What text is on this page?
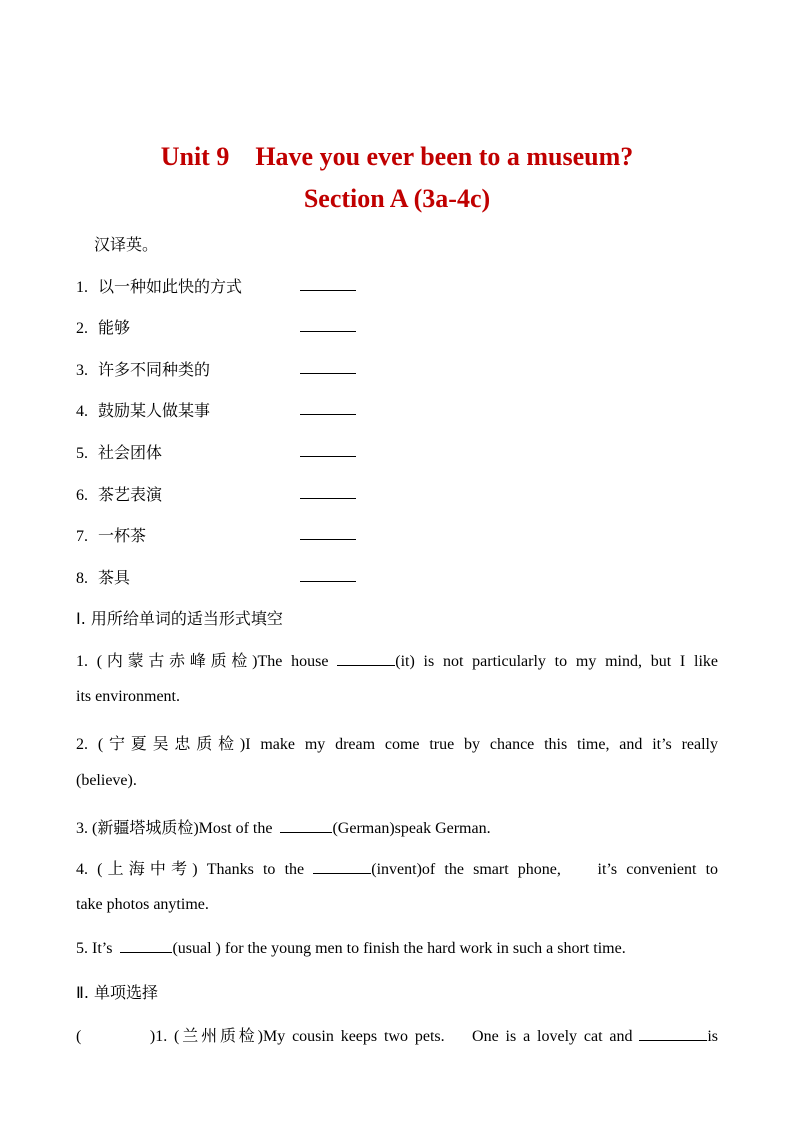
Unit 9    Have you ever been to a museum?
Section A (3a-4c)
汉译英。
1. 以一种如此快的方式
2. 能够
3. 许多不同种类的
4. 鼓励某人做某事
5. 社会团体
6. 茶艺表演
7. 一杯茶
8. 茶具
Ⅰ. 用所给单词的适当形式填空
1. (内蒙古赤峰质检)The house	(it) is not particularly to my mind, but I like
its environment.
2. (宁夏吴忠质检)I make my dream come true by chance this time, and it’s really
(believe).
3. (新疆塔城质检)Most of the	(German)speak German.
4. (上海中考) Thanks to the	(invent)of the smart phone,    it’s convenient to
take photos anytime.
5. It’s	(usual ) for the young men to finish the hard work in such a short time.
Ⅱ. 单项选择
(          )1. (兰州质检)My cousin keeps two pets.    One is a lovely cat and	is
